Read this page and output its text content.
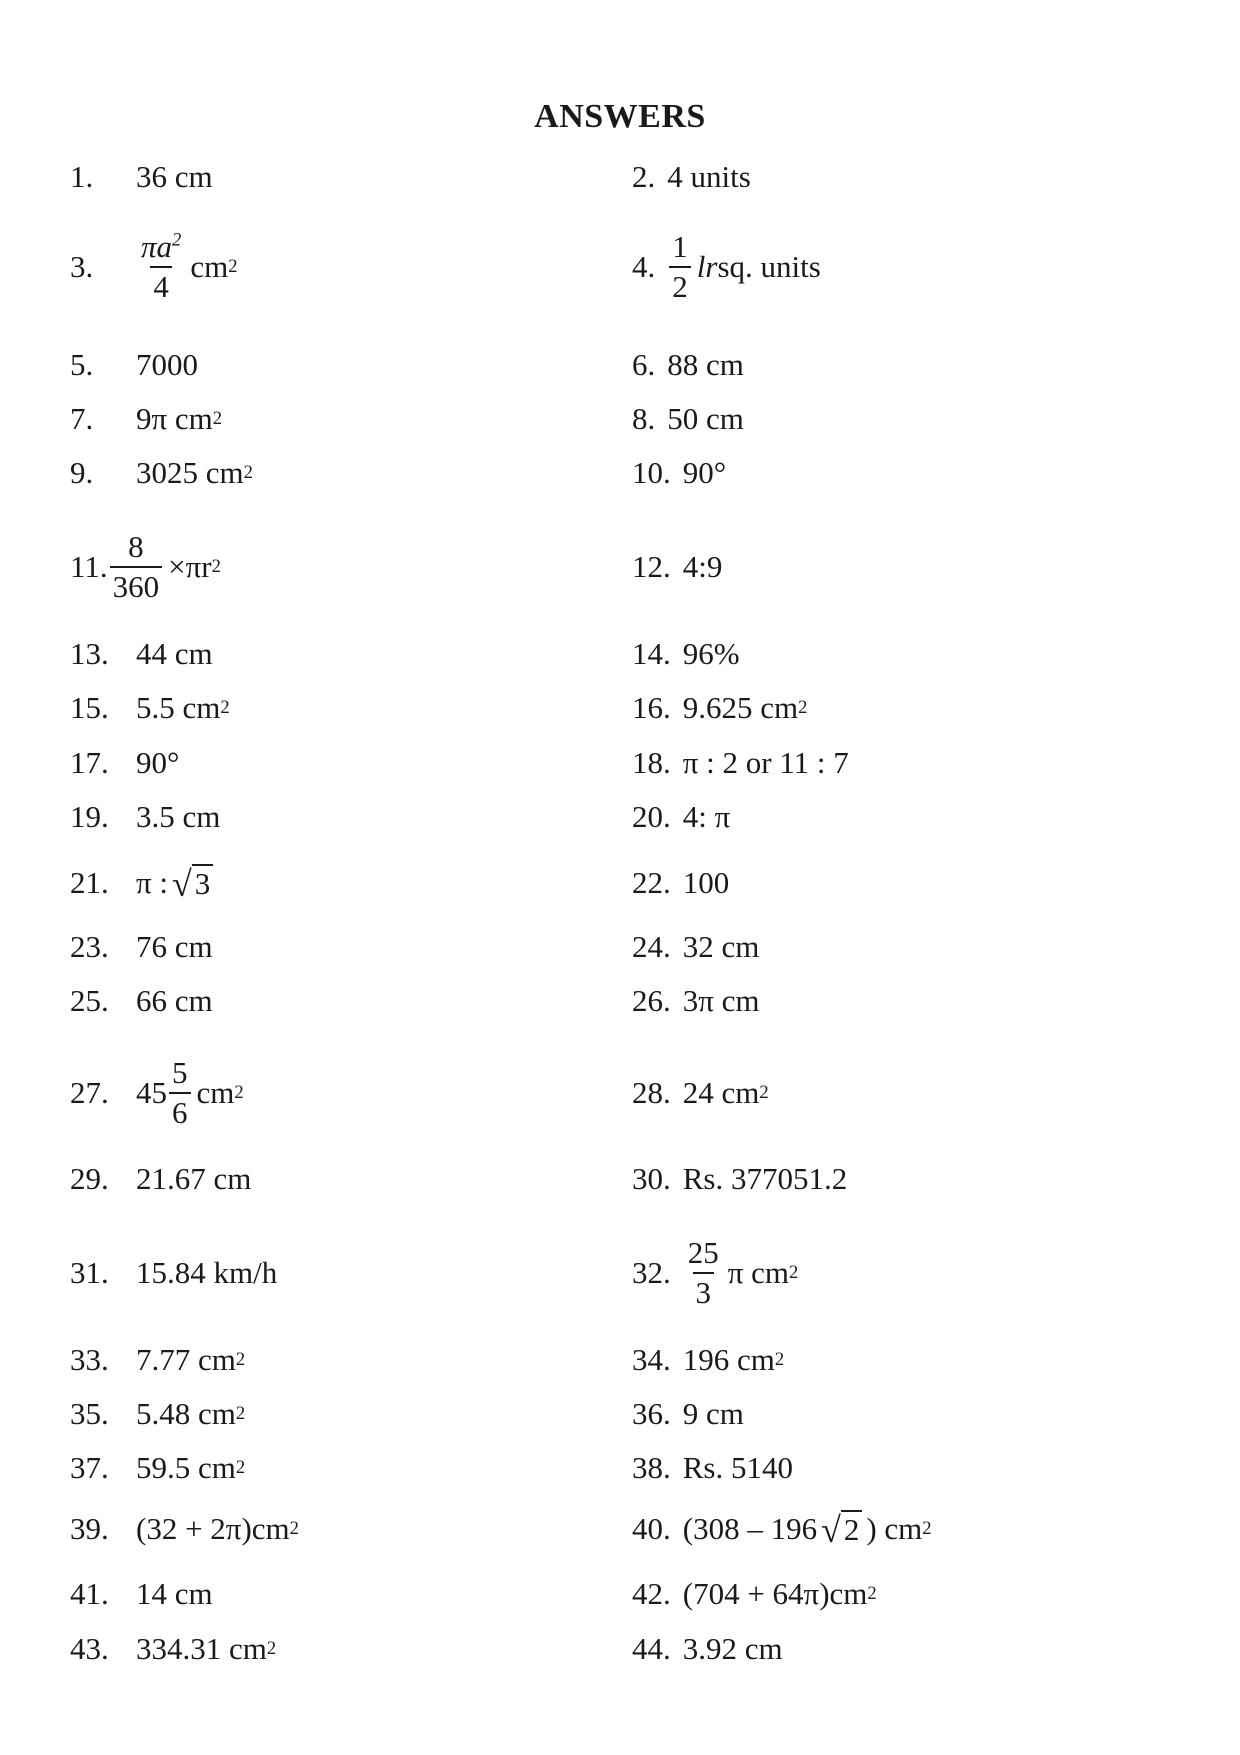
ANSWERS
1.	36 cm	2. 4 units
3.	$\frac{\pi a^2}{4}$ cm 2	4. $\frac{1}{2}$ lr sq. units
5.	7000	6. 88 cm
7.	9π cm 2	8. 50 cm
9.	3025 cm 2	10. 90°
11. $\frac{8}{360} \times\pi r$ 2	12. 4:9
13. 44 cm	14. 96%
15. 5.5 cm 2	16. 9.625 cm 2
17. 90°	18. π : 2 or 11 : 7
19. 3.5 cm	20. 4: π
21. π : √ 3	22. 100
23. 76 cm	24. 32 cm
25. 66 cm	26. 3π cm
27. $45 \frac{5}{6}$ cm 2	28. 24 cm 2
29. 21.67 cm	30. Rs. 377051.2
31. 15.84 km/h	32. $\frac{25}{3}$ π cm 2
33. 7.77 cm 2	34. 196 cm 2
35. 5.48 cm 2	36. 9 cm
37. 59.5 cm 2	38. Rs. 5140
39. (32 + 2π)cm 2	40. (308 – 196 √ 2 ) cm 2
41. 14 cm	42. (704 + 64π)cm 2
43. 334.31 cm 2	44. 3.92 cm
